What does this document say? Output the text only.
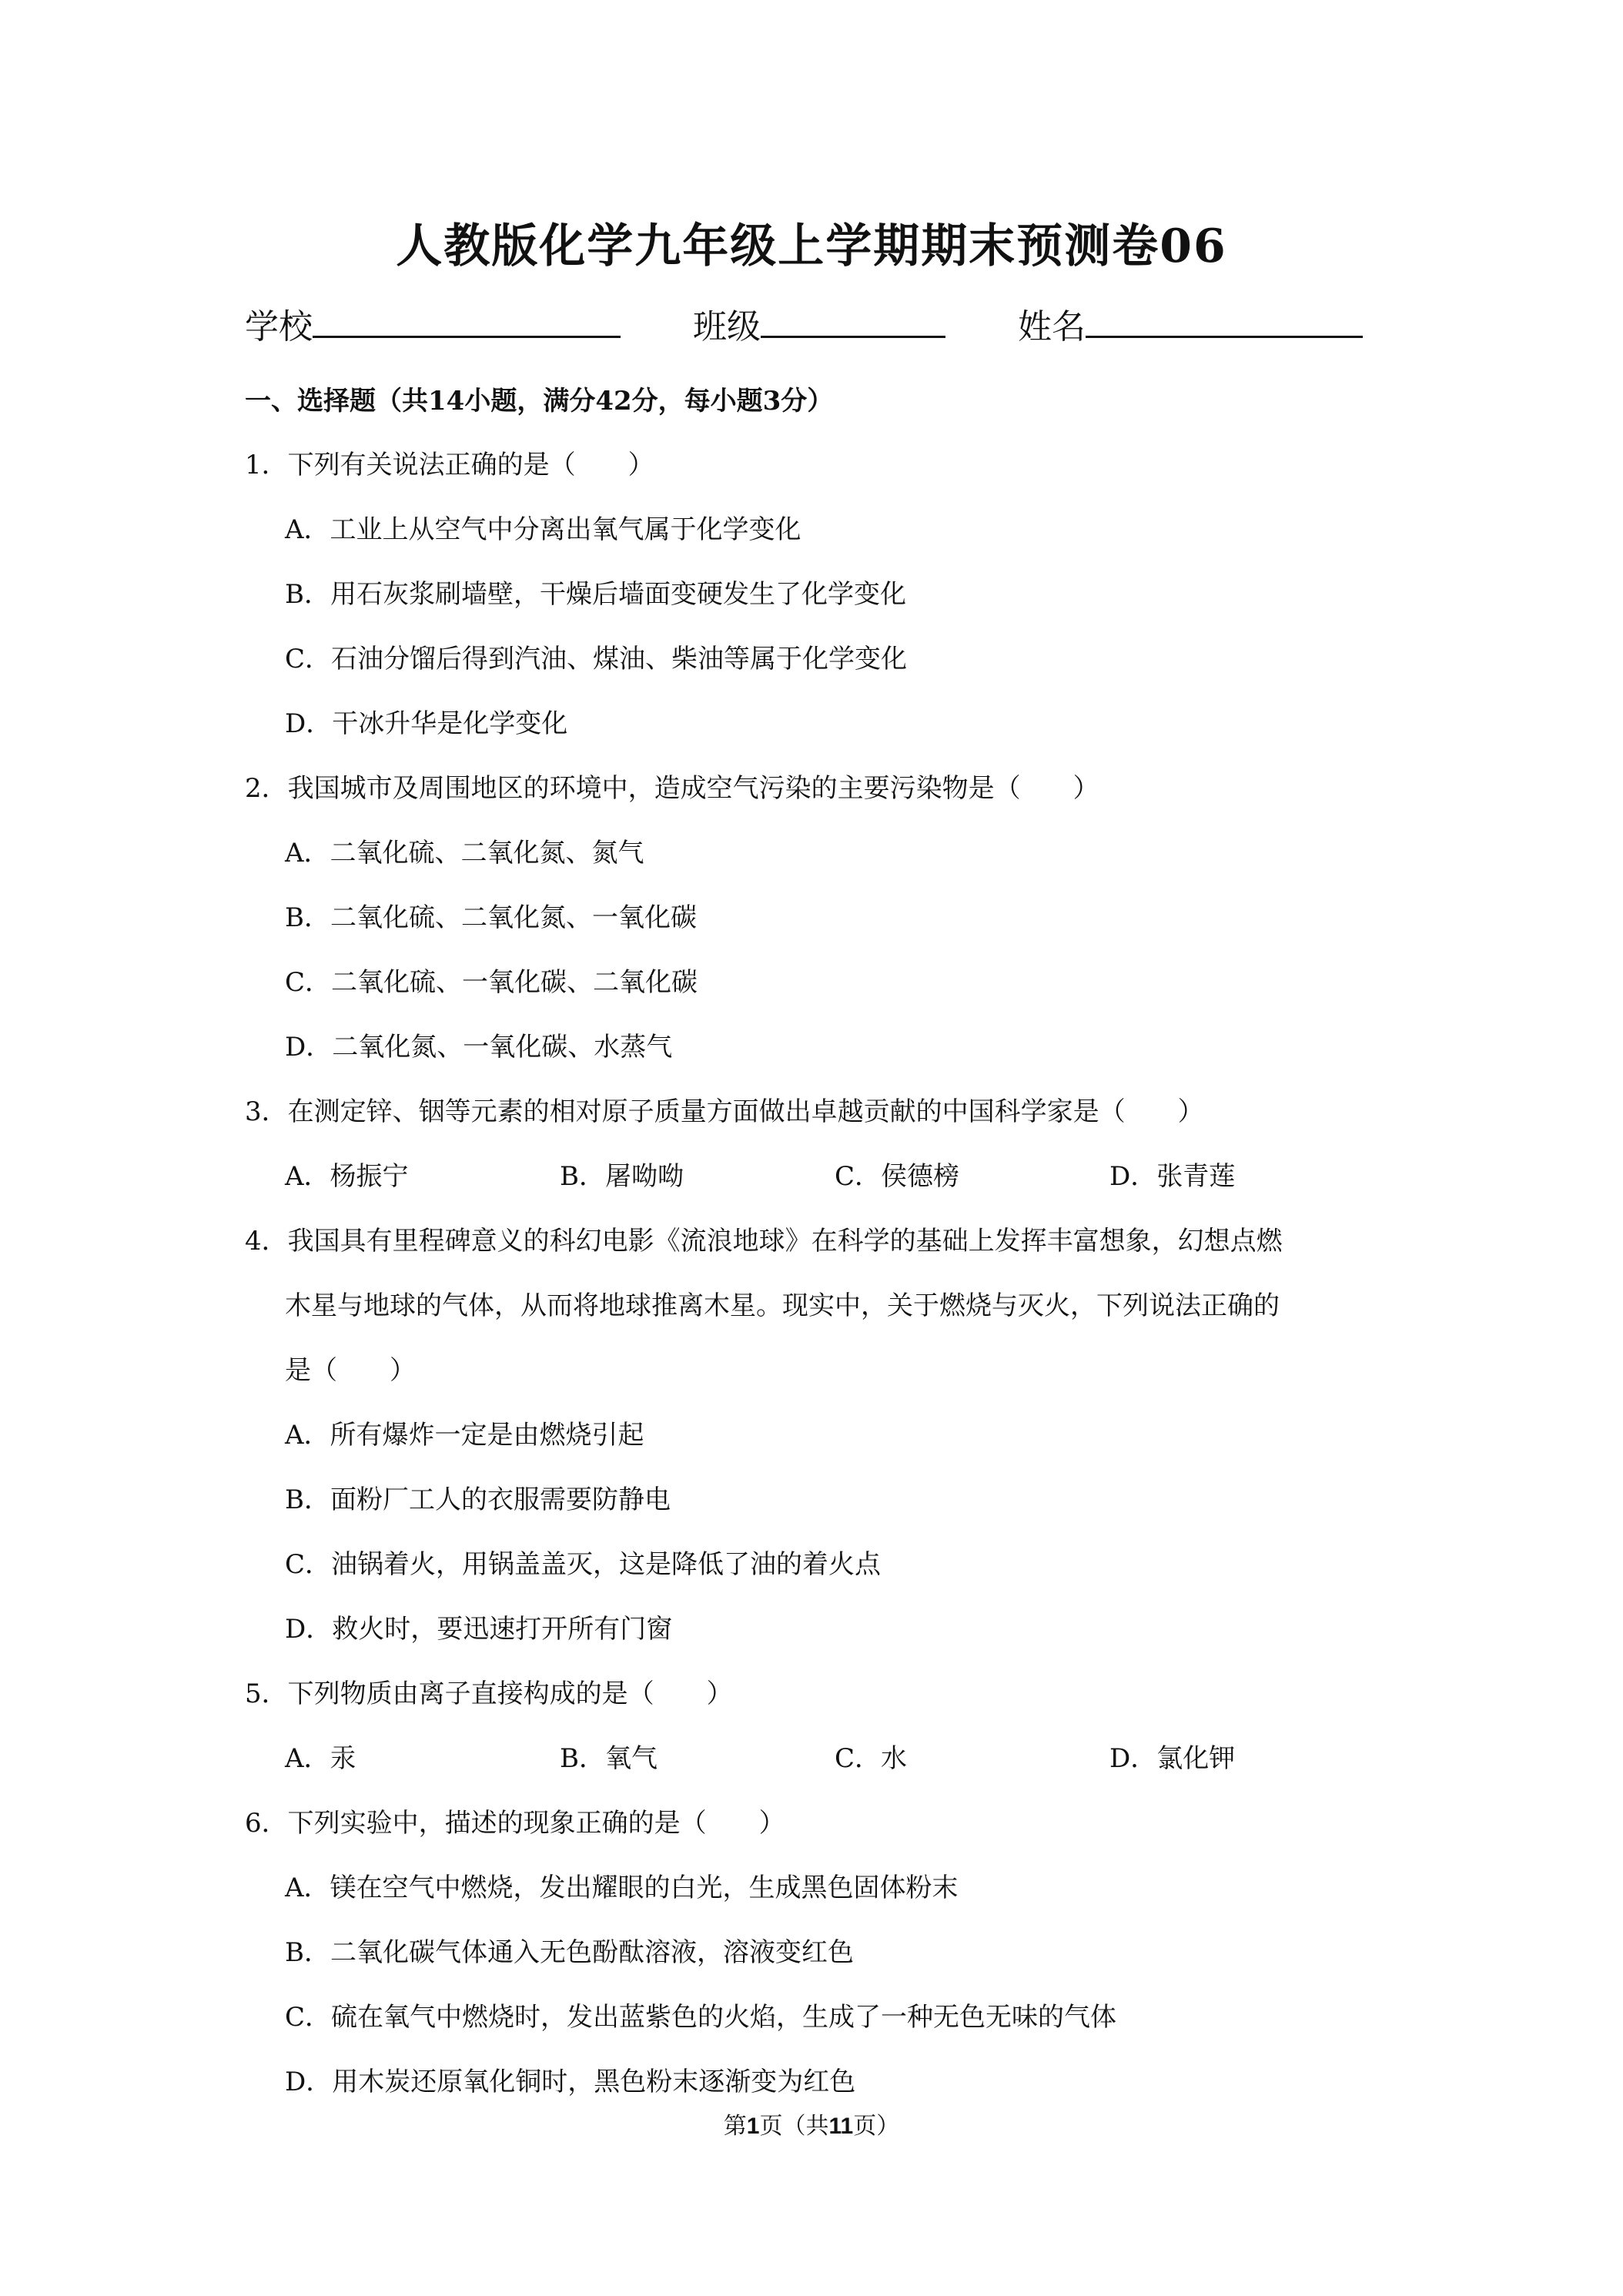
人教版化学九年级上学期期末预测卷06
学校	班级	姓名
一、选择题（共14小题，满分42分，每小题3分）
1．下列有关说法正确的是（　　）
A．工业上从空气中分离出氧气属于化学变化
B．用石灰浆刷墙壁，干燥后墙面变硬发生了化学变化
C．石油分馏后得到汽油、煤油、柴油等属于化学变化
D．干冰升华是化学变化
2．我国城市及周围地区的环境中，造成空气污染的主要污染物是（　　）
A．二氧化硫、二氧化氮、氮气
B．二氧化硫、二氧化氮、一氧化碳
C．二氧化硫、一氧化碳、二氧化碳
D．二氧化氮、一氧化碳、水蒸气
3．在测定锌、铟等元素的相对原子质量方面做出卓越贡献的中国科学家是（　　）
A．杨振宁	B．屠呦呦	C．侯德榜	D．张青莲
4．我国具有里程碑意义的科幻电影《流浪地球》在科学的基础上发挥丰富想象，幻想点燃
木星与地球的气体，从而将地球推离木星。现实中，关于燃烧与灭火，下列说法正确的
是（　　）
A．所有爆炸一定是由燃烧引起
B．面粉厂工人的衣服需要防静电
C．油锅着火，用锅盖盖灭，这是降低了油的着火点
D．救火时，要迅速打开所有门窗
5．下列物质由离子直接构成的是（　　）
A．汞	B．氧气	C．水	D．氯化钾
6．下列实验中，描述的现象正确的是（　　）
A．镁在空气中燃烧，发出耀眼的白光，生成黑色固体粉末
B．二氧化碳气体通入无色酚酞溶液，溶液变红色
C．硫在氧气中燃烧时，发出蓝紫色的火焰，生成了一种无色无味的气体
D．用木炭还原氧化铜时，黑色粉末逐渐变为红色
第1页（共11页）
